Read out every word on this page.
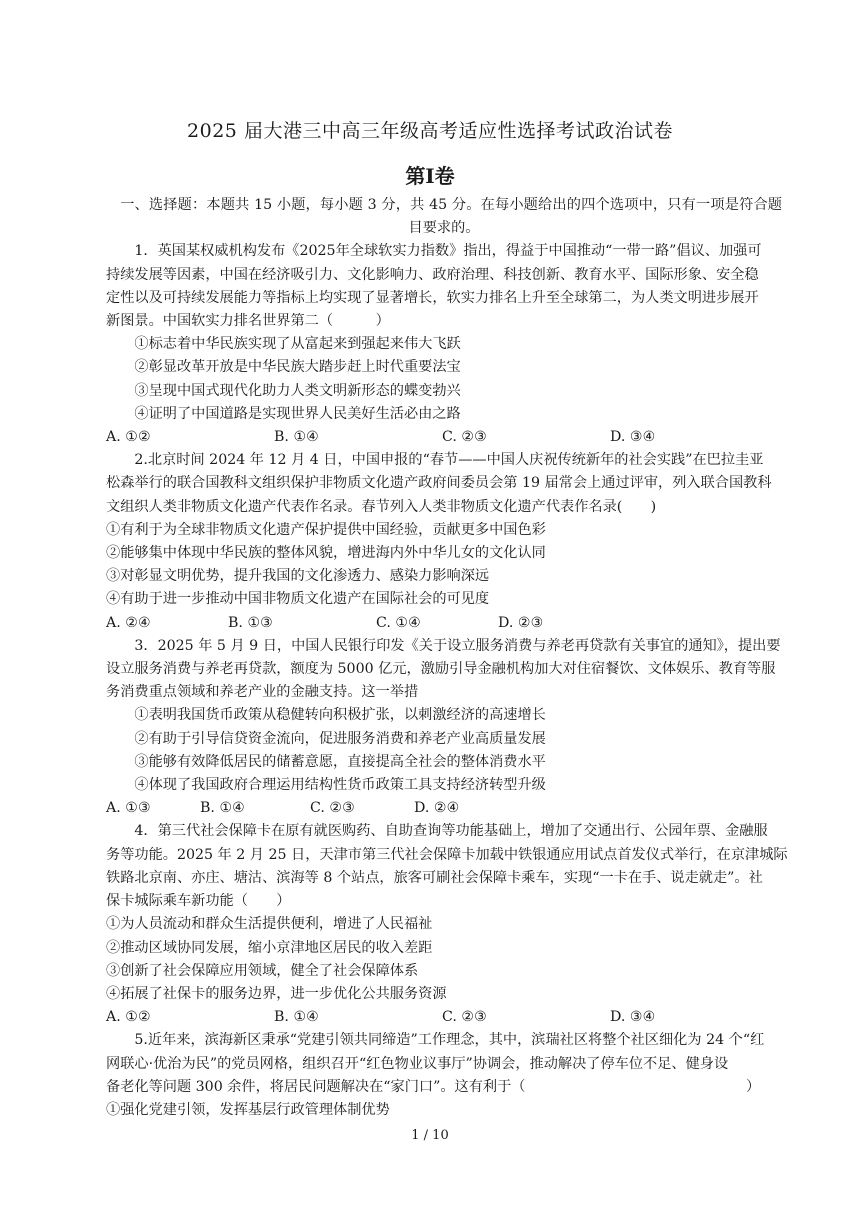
2025 届大港三中高三年级高考适应性选择考试政治试卷
第Ⅰ卷

一、选择题：本题共 15 小题，每小题 3 分，共 45 分。在每小题给出的四个选项中，只有一项是符合题目要求的。

1．英国某权威机构发布《2025年全球软实力指数》指出，得益于中国推动“一带一路”倡议、加强可

持续发展等因素，中国在经济吸引力、文化影响力、政府治理、科技创新、教育水平、国际形象、安全稳

定性以及可持续发展能力等指标上均实现了显著增长，软实力排名上升至全球第二，为人类文明进步展开

新图景。中国软实力排名世界第二（　　　）

①标志着中华民族实现了从富起来到强起来伟大飞跃

②彰显改革开放是中华民族大踏步赶上时代重要法宝

③呈现中国式现代化助力人类文明新形态的蝶变勃兴

④证明了中国道路是实现世界人民美好生活必由之路

A. ①②	B. ①④	C. ②③	D. ③④

2.北京时间 2024 年 12 月 4 日，中国申报的“春节——中国人庆祝传统新年的社会实践”在巴拉圭亚

松森举行的联合国教科文组织保护非物质文化遗产政府间委员会第 19 届常会上通过评审，列入联合国教科

文组织人类非物质文化遗产代表作名录。春节列入人类非物质文化遗产代表作名录(　　)

①有利于为全球非物质文化遗产保护提供中国经验，贡献更多中国色彩

②能够集中体现中华民族的整体风貌，增进海内外中华儿女的文化认同

③对彰显文明优势，提升我国的文化渗透力、感染力影响深远

④有助于进一步推动中国非物质文化遗产在国际社会的可见度

A. ②④	B. ①③	C. ①④	D. ②③

3．2025 年 5 月 9 日，中国人民银行印发《关于设立服务消费与养老再贷款有关事宜的通知》，提出要

设立服务消费与养老再贷款，额度为 5000 亿元，激励引导金融机构加大对住宿餐饮、文体娱乐、教育等服

务消费重点领域和养老产业的金融支持。这一举措

①表明我国货币政策从稳健转向积极扩张，以刺激经济的高速增长

②有助于引导信贷资金流向，促进服务消费和养老产业高质量发展

③能够有效降低居民的储蓄意愿，直接提高全社会的整体消费水平

④体现了我国政府合理运用结构性货币政策工具支持经济转型升级

A. ①③	B. ①④	C. ②③	D. ②④

4．第三代社会保障卡在原有就医购药、自助查询等功能基础上，增加了交通出行、公园年票、金融服

务等功能。2025 年 2 月 25 日，天津市第三代社会保障卡加载中铁银通应用试点首发仪式举行，在京津城际

铁路北京南、亦庄、塘沽、滨海等 8 个站点，旅客可刷社会保障卡乘车，实现“一卡在手、说走就走”。社

保卡城际乘车新功能（　　）

①为人员流动和群众生活提供便利，增进了人民福祉

②推动区域协同发展，缩小京津地区居民的收入差距

③创新了社会保障应用领域，健全了社会保障体系

④拓展了社保卡的服务边界，进一步优化公共服务资源

A. ①②	B. ①④	C. ②③	D. ③④

5.近年来，滨海新区秉承“党建引领共同缔造”工作理念，其中，滨瑞社区将整个社区细化为 24 个“红

网联心·优治为民”的党员网格，组织召开“红色物业议事厅”协调会，推动解决了停车位不足、健身设

备老化等问题 300 余件，将居民问题解决在“家门口”。这有利于（	）

①强化党建引领，发挥基层行政管理体制优势

1 / 10
